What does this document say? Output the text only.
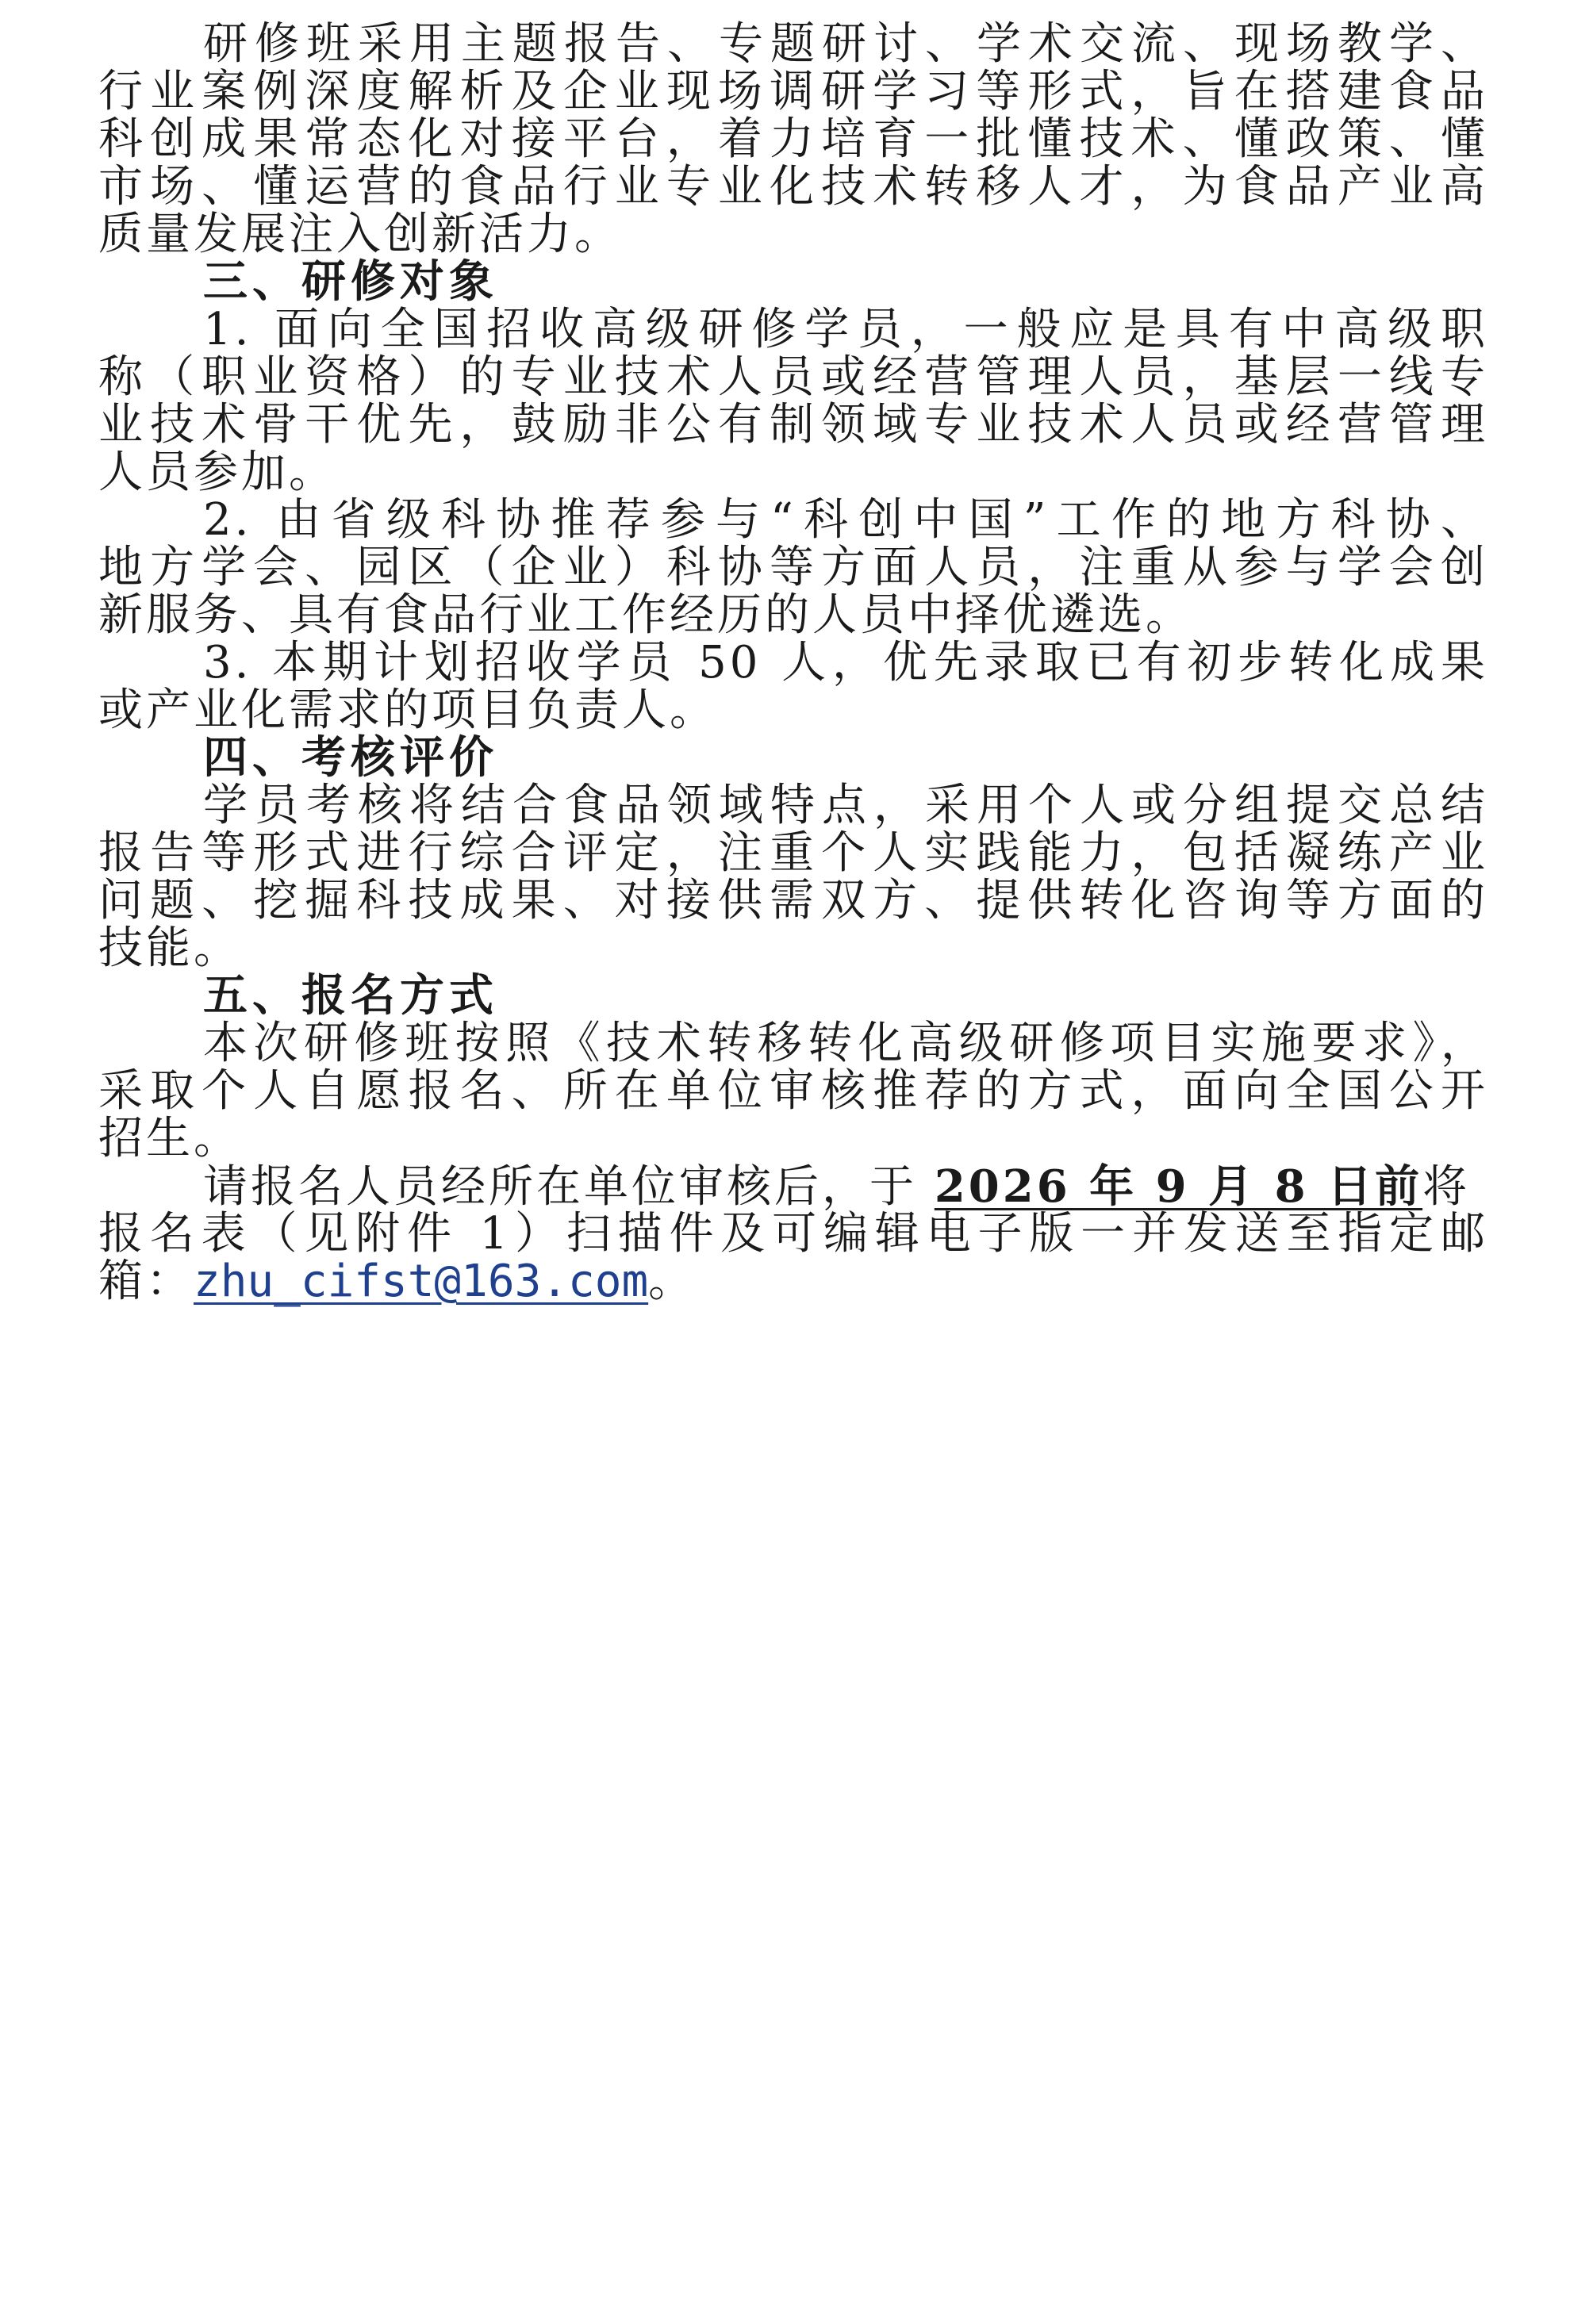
研修班采用主题报告、专题研讨、学术交流、现场教学、
行业案例深度解析及企业现场调研学习等形式，旨在搭建食品
科创成果常态化对接平台，着力培育一批懂技术、懂政策、懂
市场、懂运营的食品行业专业化技术转移人才，为食品产业高
质量发展注入创新活力。
三、研修对象
1. 面向全国招收高级研修学员，一般应是具有中高级职
称（职业资格）的专业技术人员或经营管理人员，基层一线专
业技术骨干优先，鼓励非公有制领域专业技术人员或经营管理
人员参加。
2. 由省级科协推荐参与“科创中国”工作的地方科协、
地方学会、园区（企业）科协等方面人员，注重从参与学会创
新服务、具有食品行业工作经历的人员中择优遴选。
3. 本期计划招收学员 50 人，优先录取已有初步转化成果
或产业化需求的项目负责人。
四、考核评价
学员考核将结合食品领域特点，采用个人或分组提交总结
报告等形式进行综合评定，注重个人实践能力，包括凝练产业
问题、挖掘科技成果、对接供需双方、提供转化咨询等方面的
技能。
五、报名方式
本次研修班按照《技术转移转化高级研修项目实施要求》，
采取个人自愿报名、所在单位审核推荐的方式，面向全国公开
招生。
请报名人员经所在单位审核后，于 2026 年 9 月 8 日前将
报名表（见附件 1）扫描件及可编辑电子版一并发送至指定邮
箱：zhu_cifst@163.com。
